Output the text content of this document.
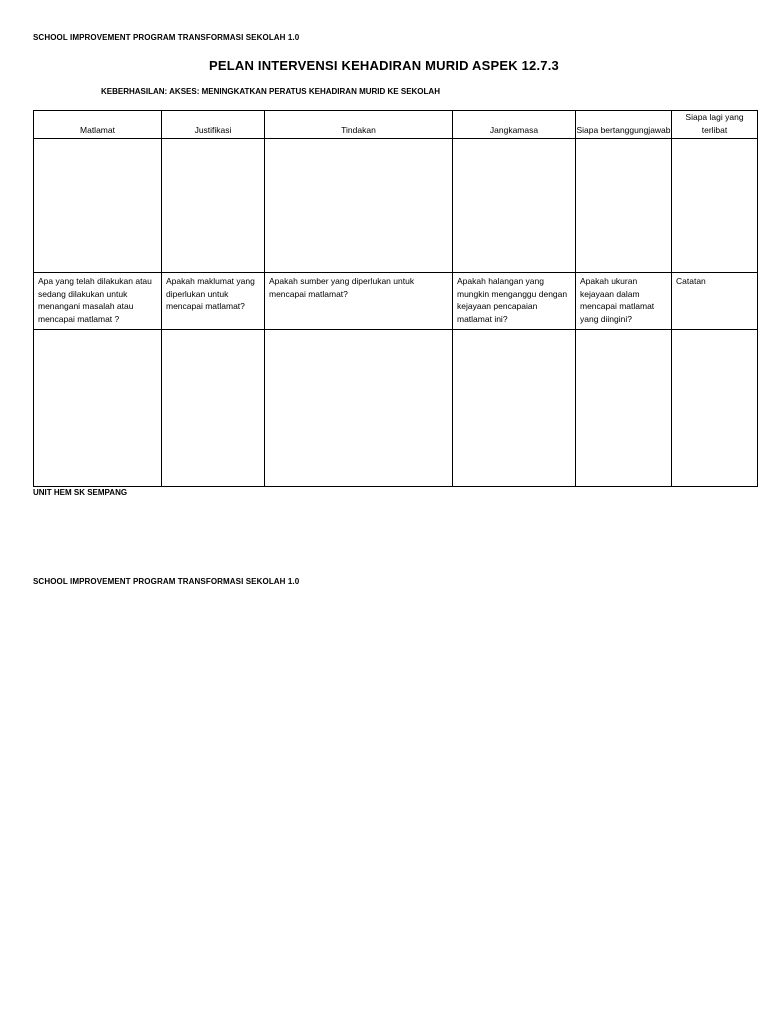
SCHOOL IMPROVEMENT PROGRAM TRANSFORMASI SEKOLAH 1.0
PELAN INTERVENSI KEHADIRAN MURID ASPEK 12.7.3
KEBERHASILAN: AKSES: MENINGKATKAN PERATUS KEHADIRAN MURID KE SEKOLAH
Matlamat	Justifikasi	Tindakan	Jangkamasa	Siapa bertanggungjawab	Siapa lagi yang terlibat

Apa yang telah dilakukan atau sedang dilakukan untuk menangani masalah atau mencapai matlamat ?	Apakah maklumat yang diperlukan untuk mencapai matlamat?	Apakah sumber yang diperlukan untuk mencapai matlamat?	Apakah halangan yang mungkin menganggu dengan kejayaan pencapaian matlamat ini?	Apakah ukuran kejayaan dalam mencapai matlamat yang diingini?	Catatan

UNIT HEM SK SEMPANG
SCHOOL IMPROVEMENT PROGRAM TRANSFORMASI SEKOLAH 1.0
